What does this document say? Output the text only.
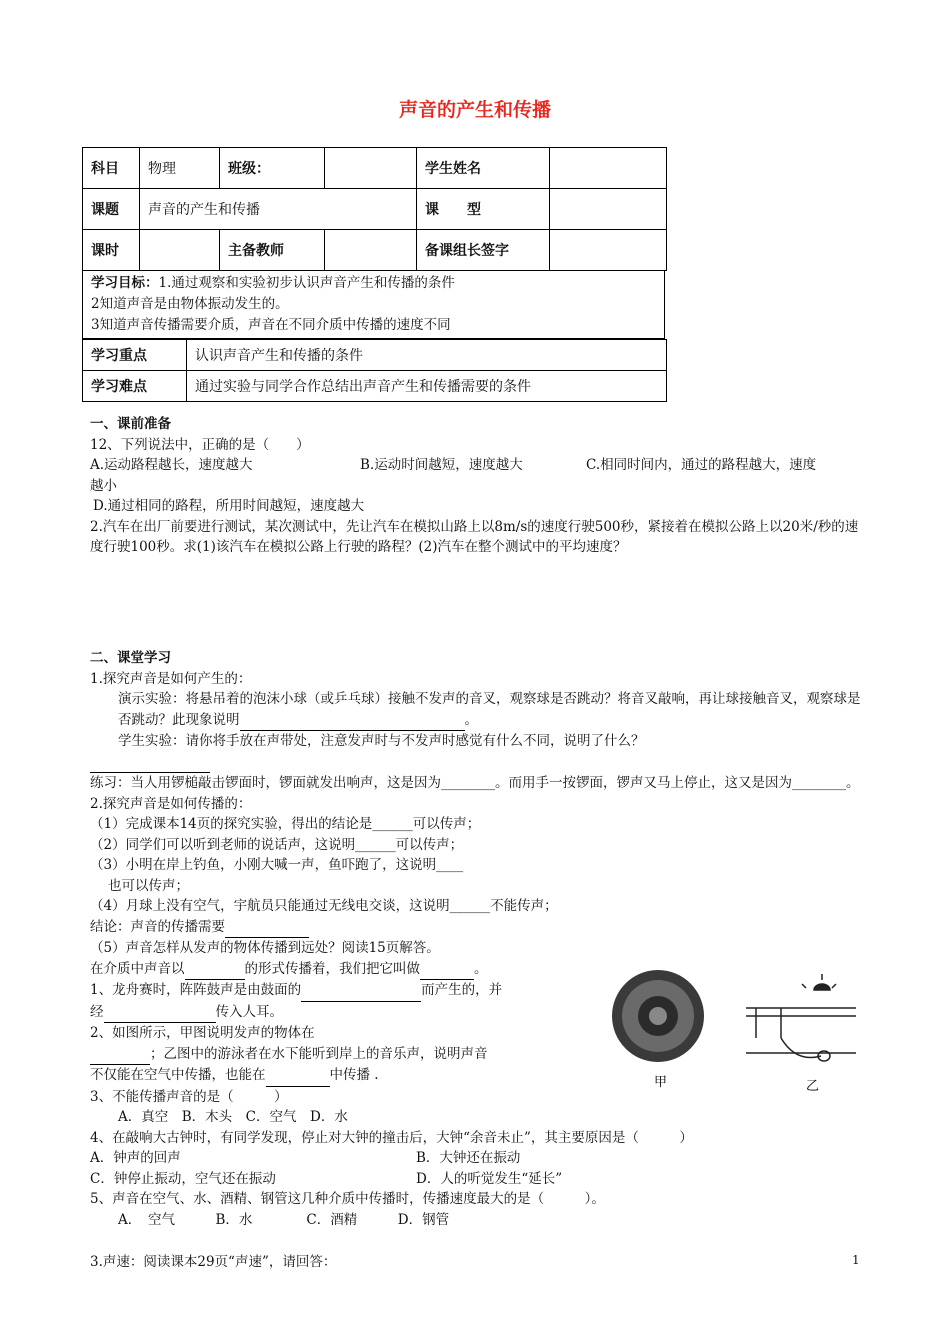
声音的产生和传播
科目	物理	班级：		学生姓名	
课题	声音的产生和传播			课　　型	
课时		主备教师		备课组长签字	

学习目标：1.通过观察和实验初步认识声音产生和传播的条件

2知道声音是由物体振动发生的。

3知道声音传播需要介质，声音在不同介质中传播的速度不同

学习重点	认识声音产生和传播的条件
学习难点	通过实验与同学合作总结出声音产生和传播需要的条件

一、课前准备

12、下列说法中，正确的是（　　）

A.运动路程越长，速度越大	B.运动时间越短，速度越大	C.相同时间内，通过的路程越大，速度

越小

D.通过相同的路程，所用时间越短，速度越大

2.汽车在出厂前要进行测试，某次测试中，先让汽车在模拟山路上以8m/s的速度行驶500秒，紧接着在模拟公路上以20米/秒的速度行驶100秒。求(1)该汽车在模拟公路上行驶的路程？(2)汽车在整个测试中的平均速度？

二、课堂学习

1.探究声音是如何产生的：

演示实验：将悬吊着的泡沫小球（或乒乓球）接触不发声的音叉，观察球是否跳动？将音叉敲响，再让球接触音叉，观察球是否跳动？此现象说明	。

学生实验：请你将手放在声带处，注意发声时与不发声时感觉有什么不同，说明了什么？

练习：当人用锣槌敲击锣面时，锣面就发出响声，这是因为________。而用手一按锣面，锣声又马上停止，这又是因为________。

2.探究声音是如何传播的：

（1）完成课本14页的探究实验，得出的结论是______可以传声；

（2）同学们可以听到老师的说话声，这说明______可以传声；

（3）小明在岸上钓鱼，小刚大喊一声，鱼吓跑了，这说明____

也可以传声；

（4）月球上没有空气，宇航员只能通过无线电交谈，这说明______不能传声；

结论：声音的传播需要

（5）声音怎样从发声的物体传播到远处？阅读15页解答。

在介质中声音以	的形式传播着，我们把它叫做	。

1、龙舟赛时，阵阵鼓声是由鼓面的	而产生的，并

经	传入人耳。

2、如图所示，甲图说明发声的物体在

；乙图中的游泳者在水下能听到岸上的音乐声，说明声音

不仅能在空气中传播，也能在	中传播 .

3、不能传播声音的是（　　　）

A．真空　B．木头　C．空气　D．水

4、在敲响大古钟时，有同学发现，停止对大钟的撞击后，大钟“余音未止”，其主要原因是（　　　）

A．钟声的回声	B．大钟还在振动

C．钟停止振动，空气还在振动	D．人的听觉发生“延长”

5、声音在空气、水、酒精、钢管这几种介质中传播时，传播速度最大的是（　　　）。

A．　空气　　　B．水　　　　C．酒精　　　D．钢管

3.声速：阅读课本29页“声速”，请回答：

甲	乙
1
